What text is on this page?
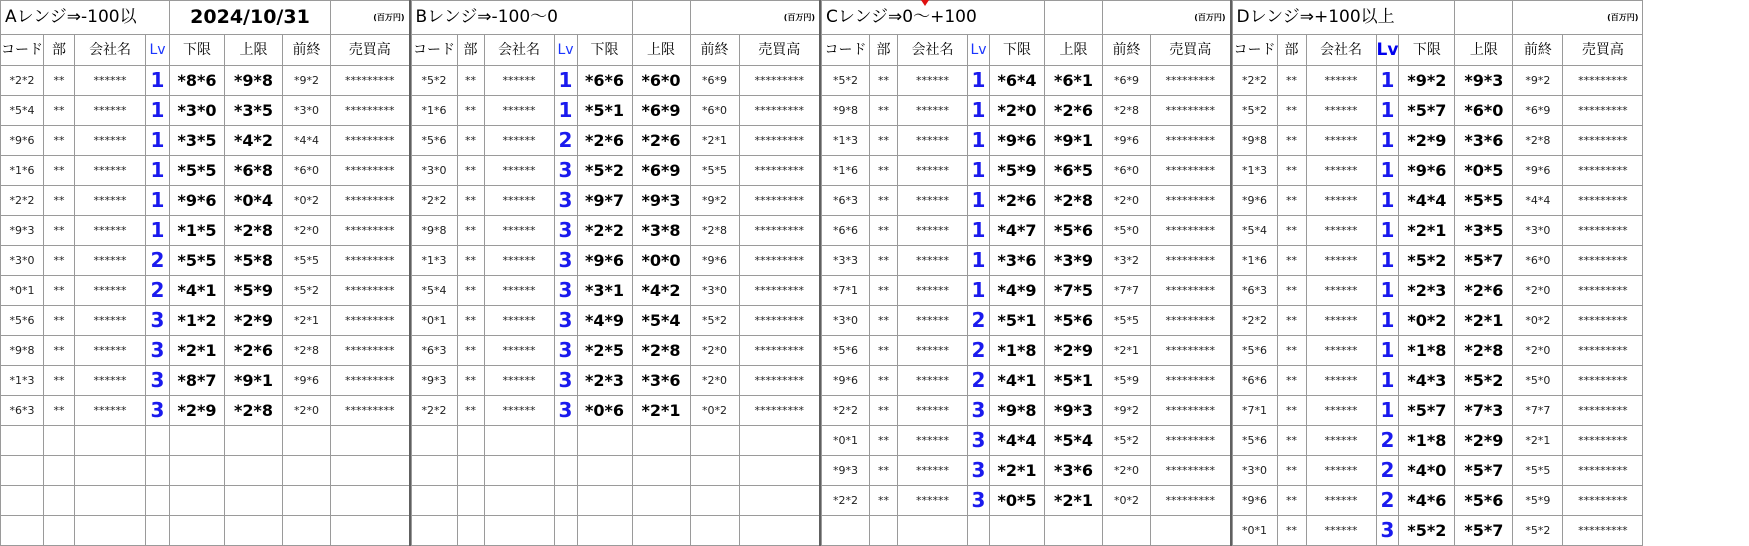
Aレンジ⇒-100以				2024/10/31			(百万円)
コード	部	会社名	Lv	下限	上限	前終	売買高
*2*2	**	******	1	*8*6	*9*8	*9*2	*********
*5*4	**	******	1	*3*0	*3*5	*3*0	*********
*9*6	**	******	1	*3*5	*4*2	*4*4	*********
*1*6	**	******	1	*5*5	*6*8	*6*0	*********
*2*2	**	******	1	*9*6	*0*4	*0*2	*********
*9*3	**	******	1	*1*5	*2*8	*2*0	*********
*3*0	**	******	2	*5*5	*5*8	*5*5	*********
*0*1	**	******	2	*4*1	*5*9	*5*2	*********
*5*6	**	******	3	*1*2	*2*9	*2*1	*********
*9*8	**	******	3	*2*1	*2*6	*2*8	*********
*1*3	**	******	3	*8*7	*9*1	*9*6	*********
*6*3	**	******	3	*2*9	*2*8	*2*0	*********

Bレンジ⇒-100～0						(百万円)	
コード	部	会社名	Lv	下限	上限	前終	売買高
*5*2	**	******	1	*6*6	*6*0	*6*9	*********
*1*6	**	******	1	*5*1	*6*9	*6*0	*********
*5*6	**	******	2	*2*6	*2*6	*2*1	*********
*3*0	**	******	3	*5*2	*6*9	*5*5	*********
*2*2	**	******	3	*9*7	*9*3	*9*2	*********
*9*8	**	******	3	*2*2	*3*8	*2*8	*********
*1*3	**	******	3	*9*6	*0*0	*9*6	*********
*5*4	**	******	3	*3*1	*4*2	*3*0	*********
*0*1	**	******	3	*4*9	*5*4	*5*2	*********
*6*3	**	******	3	*2*5	*2*8	*2*0	*********
*9*3	**	******	3	*2*3	*3*6	*2*0	*********
*2*2	**	******	3	*0*6	*2*1	*0*2	*********

Cレンジ⇒0～+100						(百万円)	
コード	部	会社名	Lv	下限	上限	前終	売買高
*5*2	**	******	1	*6*4	*6*1	*6*9	*********
*9*8	**	******	1	*2*0	*2*6	*2*8	*********
*1*3	**	******	1	*9*6	*9*1	*9*6	*********
*1*6	**	******	1	*5*9	*6*5	*6*0	*********
*6*3	**	******	1	*2*6	*2*8	*2*0	*********
*6*6	**	******	1	*4*7	*5*6	*5*0	*********
*3*3	**	******	1	*3*6	*3*9	*3*2	*********
*7*1	**	******	1	*4*9	*7*5	*7*7	*********
*3*0	**	******	2	*5*1	*5*6	*5*5	*********
*5*6	**	******	2	*1*8	*2*9	*2*1	*********
*9*6	**	******	2	*4*1	*5*1	*5*9	*********
*2*2	**	******	3	*9*8	*9*3	*9*2	*********
*0*1	**	******	3	*4*4	*5*4	*5*2	*********
*9*3	**	******	3	*2*1	*3*6	*2*0	*********
*2*2	**	******	3	*0*5	*2*1	*0*2	*********

Dレンジ⇒+100以上						(百万円)	
コード	部	会社名	Lv	下限	上限	前終	売買高
*2*2	**	******	1	*9*2	*9*3	*9*2	*********
*5*2	**	******	1	*5*7	*6*0	*6*9	*********
*9*8	**	******	1	*2*9	*3*6	*2*8	*********
*1*3	**	******	1	*9*6	*0*5	*9*6	*********
*9*6	**	******	1	*4*4	*5*5	*4*4	*********
*5*4	**	******	1	*2*1	*3*5	*3*0	*********
*1*6	**	******	1	*5*2	*5*7	*6*0	*********
*6*3	**	******	1	*2*3	*2*6	*2*0	*********
*2*2	**	******	1	*0*2	*2*1	*0*2	*********
*5*6	**	******	1	*1*8	*2*8	*2*0	*********
*6*6	**	******	1	*4*3	*5*2	*5*0	*********
*7*1	**	******	1	*5*7	*7*3	*7*7	*********
*5*6	**	******	2	*1*8	*2*9	*2*1	*********
*3*0	**	******	2	*4*0	*5*7	*5*5	*********
*9*6	**	******	2	*4*6	*5*6	*5*9	*********
*0*1	**	******	3	*5*2	*5*7	*5*2	*********
